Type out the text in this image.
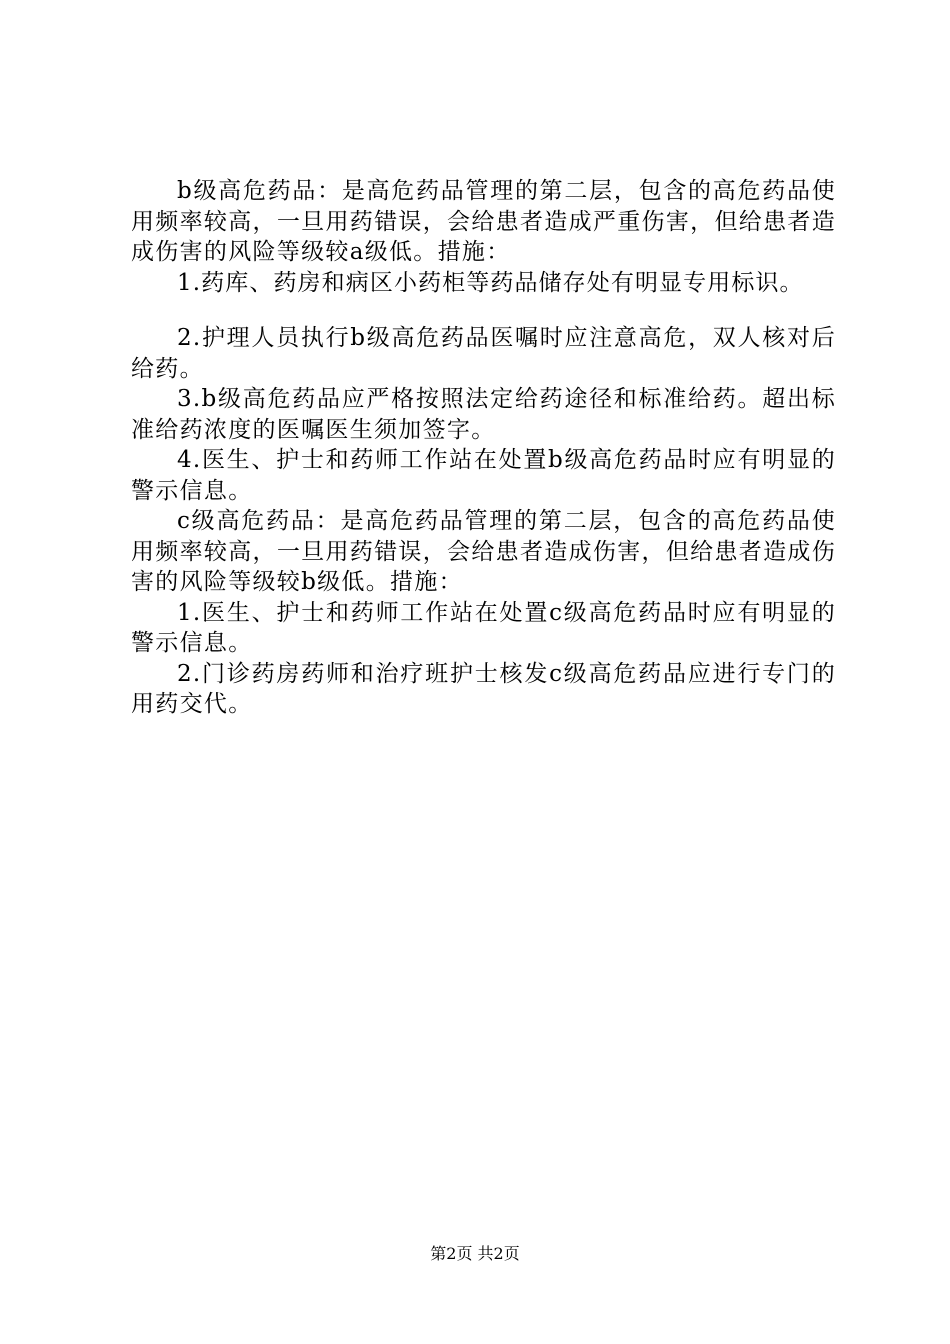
b级高危药品：是高危药品管理的第二层，包含的高危药品使用频率较高，一旦用药错误，会给患者造成严重伤害，但给患者造成伤害的风险等级较a级低。措施：

1.药库、药房和病区小药柜等药品储存处有明显专用标识。

2.护理人员执行b级高危药品医嘱时应注意高危，双人核对后给药。

3.b级高危药品应严格按照法定给药途径和标准给药。超出标准给药浓度的医嘱医生须加签字。

4.医生、护士和药师工作站在处置b级高危药品时应有明显的警示信息。

c级高危药品：是高危药品管理的第二层，包含的高危药品使用频率较高，一旦用药错误，会给患者造成伤害，但给患者造成伤害的风险等级较b级低。措施：

1.医生、护士和药师工作站在处置c级高危药品时应有明显的警示信息。

2.门诊药房药师和治疗班护士核发c级高危药品应进行专门的用药交代。

第2页 共2页
